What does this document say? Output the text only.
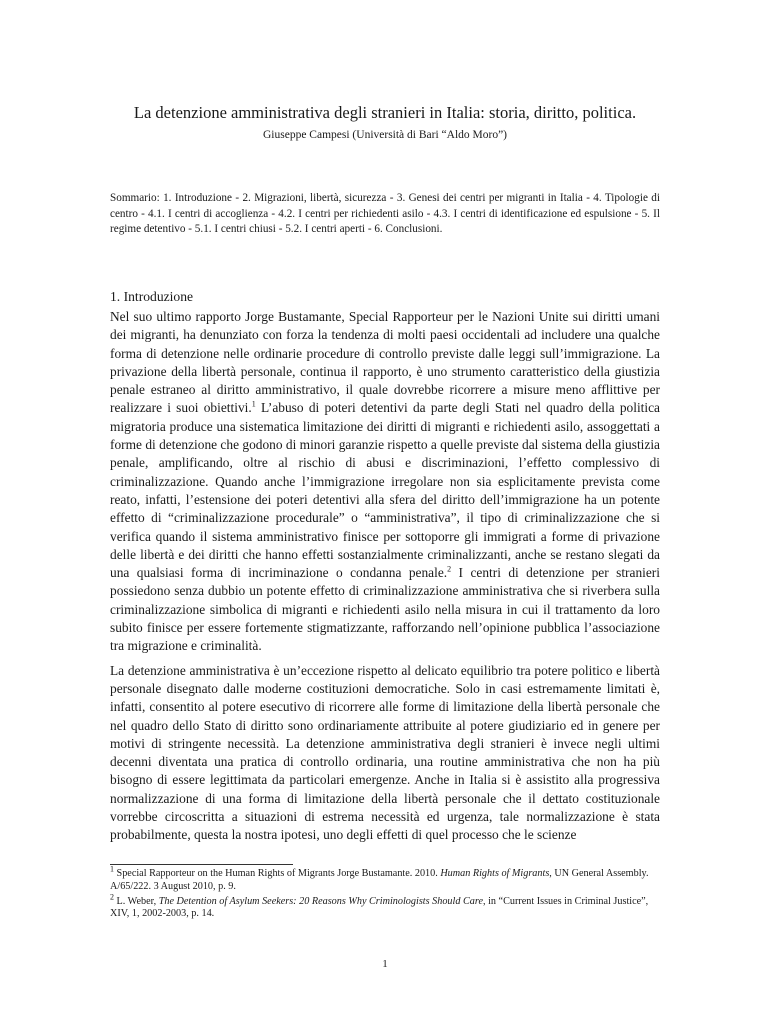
La detenzione amministrativa degli stranieri in Italia: storia, diritto, politica.
Giuseppe Campesi (Università di Bari “Aldo Moro”)

Sommario: 1. Introduzione - 2. Migrazioni, libertà, sicurezza - 3. Genesi dei centri per migranti in Italia - 4. Tipologie di centro - 4.1. I centri di accoglienza - 4.2. I centri per richiedenti asilo - 4.3. I centri di identificazione ed espulsione - 5. Il regime detentivo - 5.1. I centri chiusi - 5.2. I centri aperti - 6. Conclusioni.

1. Introduzione

Nel suo ultimo rapporto Jorge Bustamante, Special Rapporteur per le Nazioni Unite sui diritti umani dei migranti, ha denunziato con forza la tendenza di molti paesi occidentali ad includere una qualche forma di detenzione nelle ordinarie procedure di controllo previste dalle leggi sull’immigrazione. La privazione della libertà personale, continua il rapporto, è uno strumento caratteristico della giustizia penale estraneo al diritto amministrativo, il quale dovrebbe ricorrere a misure meno afflittive per realizzare i suoi obiettivi.$^1$ L’abuso di poteri detentivi da parte degli Stati nel quadro della politica migratoria produce una sistematica limitazione dei diritti di migranti e richiedenti asilo, assoggettati a forme di detenzione che godono di minori garanzie rispetto a quelle previste dal sistema della giustizia penale, amplificando, oltre al rischio di abusi e discriminazioni, l’effetto complessivo di criminalizzazione. Quando anche l’immigrazione irregolare non sia esplicitamente prevista come reato, infatti, l’estensione dei poteri detentivi alla sfera del diritto dell’immigrazione ha un potente effetto di “criminalizzazione procedurale” o “amministrativa”, il tipo di criminalizzazione che si verifica quando il sistema amministrativo finisce per sottoporre gli immigrati a forme di privazione delle libertà e dei diritti che hanno effetti sostanzialmente criminalizzanti, anche se restano slegati da una qualsiasi forma di incriminazione o condanna penale.$^2$ I centri di detenzione per stranieri possiedono senza dubbio un potente effetto di criminalizzazione amministrativa che si riverbera sulla criminalizzazione simbolica di migranti e richiedenti asilo nella misura in cui il trattamento da loro subito finisce per essere fortemente stigmatizzante, rafforzando nell’opinione pubblica l’associazione tra migrazione e criminalità.

La detenzione amministrativa è un’eccezione rispetto al delicato equilibrio tra potere politico e libertà personale disegnato dalle moderne costituzioni democratiche. Solo in casi estremamente limitati è, infatti, consentito al potere esecutivo di ricorrere alle forme di limitazione della libertà personale che nel quadro dello Stato di diritto sono ordinariamente attribuite al potere giudiziario ed in genere per motivi di stringente necessità. La detenzione amministrativa degli stranieri è invece negli ultimi decenni diventata una pratica di controllo ordinaria, una routine amministrativa che non ha più bisogno di essere legittimata da particolari emergenze. Anche in Italia si è assistito alla progressiva normalizzazione di una forma di limitazione della libertà personale che il dettato costituzionale vorrebbe circoscritta a situazioni di estrema necessità ed urgenza, tale normalizzazione è stata probabilmente, questa la nostra ipotesi, uno degli effetti di quel processo che le scienze

$^1$ Special Rapporteur on the Human Rights of Migrants Jorge Bustamante. 2010. Human Rights of Migrants, UN General Assembly. A/65/222. 3 August 2010, p. 9.

$^2$ L. Weber, The Detention of Asylum Seekers: 20 Reasons Why Criminologists Should Care, in “Current Issues in Criminal Justice”, XIV, 1, 2002-2003, p. 14.

1
